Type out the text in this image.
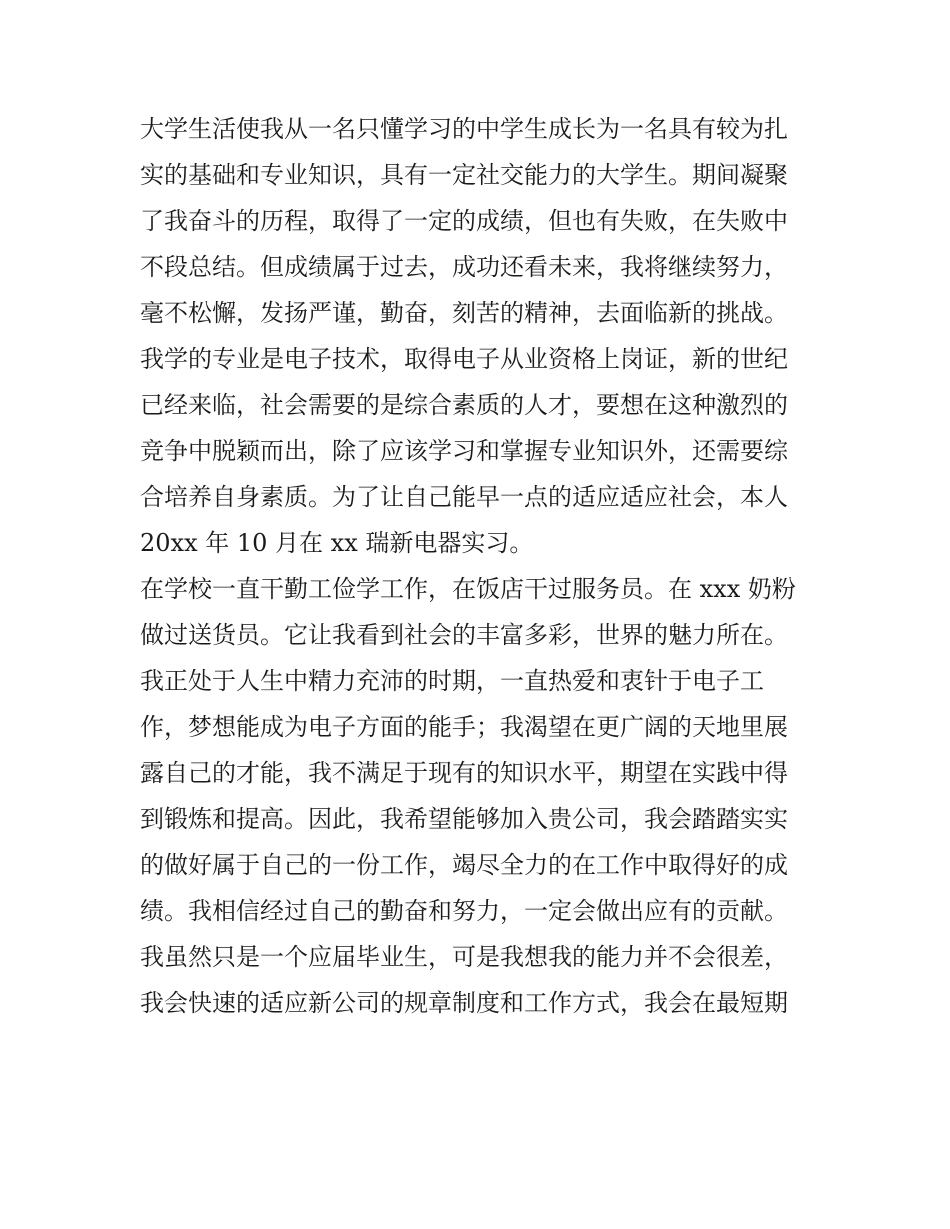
大学生活使我从一名只懂学习的中学生成长为一名具有较为扎
实的基础和专业知识，具有一定社交能力的大学生。期间凝聚
了我奋斗的历程，取得了一定的成绩，但也有失败，在失败中
不段总结。但成绩属于过去，成功还看未来，我将继续努力，
毫不松懈，发扬严谨，勤奋，刻苦的精神，去面临新的挑战。
我学的专业是电子技术，取得电子从业资格上岗证，新的世纪
已经来临，社会需要的是综合素质的人才，要想在这种激烈的
竞争中脱颖而出，除了应该学习和掌握专业知识外，还需要综
合培养自身素质。为了让自己能早一点的适应适应社会，本人
20xx 年 10 月在 xx 瑞新电器实习。
在学校一直干勤工俭学工作，在饭店干过服务员。在 xxx 奶粉
做过送货员。它让我看到社会的丰富多彩，世界的魅力所在。
我正处于人生中精力充沛的时期，一直热爱和衷针于电子工
作，梦想能成为电子方面的能手；我渴望在更广阔的天地里展
露自己的才能，我不满足于现有的知识水平，期望在实践中得
到锻炼和提高。因此，我希望能够加入贵公司，我会踏踏实实
的做好属于自己的一份工作，竭尽全力的在工作中取得好的成
绩。我相信经过自己的勤奋和努力，一定会做出应有的贡献。
我虽然只是一个应届毕业生，可是我想我的能力并不会很差，
我会快速的适应新公司的规章制度和工作方式，我会在最短期
